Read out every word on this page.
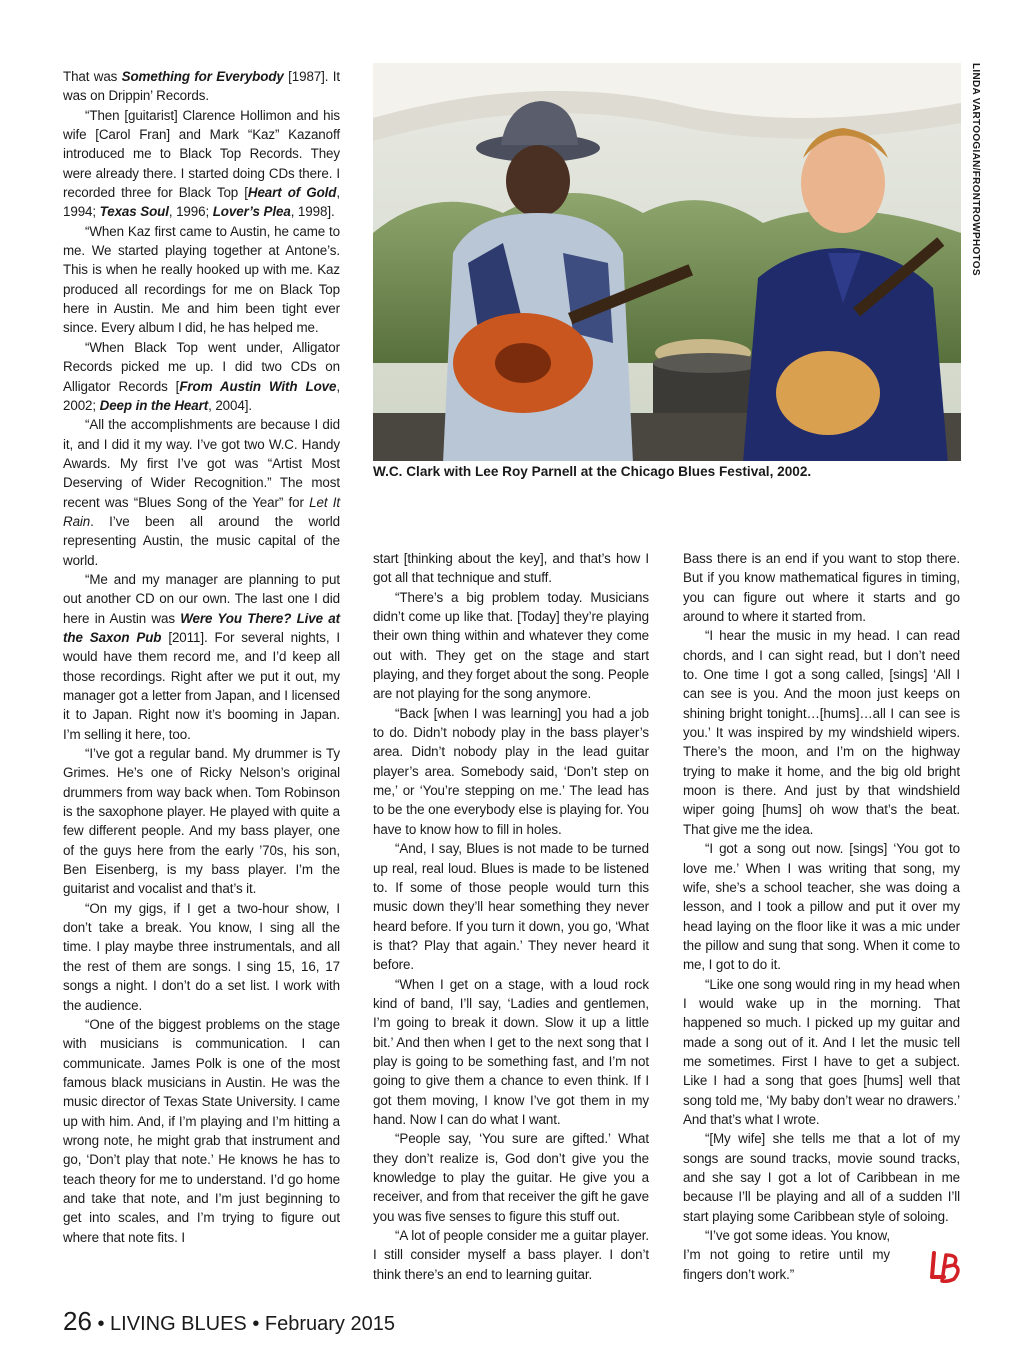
That was Something for Everybody [1987]. It was on Drippin’ Records.

“Then [guitarist] Clarence Hollimon and his wife [Carol Fran] and Mark “Kaz” Kazanoff introduced me to Black Top Records. They were already there. I started doing CDs there. I recorded three for Black Top [Heart of Gold, 1994; Texas Soul, 1996; Lover’s Plea, 1998].

“When Kaz first came to Austin, he came to me. We started playing together at Antone’s. This is when he really hooked up with me. Kaz produced all recordings for me on Black Top here in Austin. Me and him been tight ever since. Every album I did, he has helped me.

“When Black Top went under, Alligator Records picked me up. I did two CDs on Alligator Records [From Austin With Love, 2002; Deep in the Heart, 2004].

“All the accomplishments are because I did it, and I did it my way. I’ve got two W.C. Handy Awards. My first I’ve got was “Artist Most Deserving of Wider Recognition.” The most recent was “Blues Song of the Year” for Let It Rain. I’ve been all around the world representing Austin, the music capital of the world.

“Me and my manager are planning to put out another CD on our own. The last one I did here in Austin was Were You There? Live at the Saxon Pub [2011]. For several nights, I would have them record me, and I’d keep all those recordings. Right after we put it out, my manager got a letter from Japan, and I licensed it to Japan. Right now it’s booming in Japan. I’m selling it here, too.

“I’ve got a regular band. My drummer is Ty Grimes. He’s one of Ricky Nelson’s original drummers from way back when. Tom Robinson is the saxophone player. He played with quite a few different people. And my bass player, one of the guys here from the early ’70s, his son, Ben Eisenberg, is my bass player. I’m the guitarist and vocalist and that’s it.

“On my gigs, if I get a two-hour show, I don’t take a break. You know, I sing all the time. I play maybe three instrumentals, and all the rest of them are songs. I sing 15, 16, 17 songs a night. I don’t do a set list. I work with the audience.

“One of the biggest problems on the stage with musicians is communication. I can communicate. James Polk is one of the most famous black musicians in Austin. He was the music director of Texas State University. I came up with him. And, if I’m playing and I’m hitting a wrong note, he might grab that instrument and go, ‘Don’t play that note.’ He knows he has to teach theory for me to understand. I’d go home and take that note, and I’m just beginning to get into scales, and I’m trying to figure out where that note fits. I

W.C. Clark with Lee Roy Parnell at the Chicago Blues Festival, 2002.
LINDA VARTOOGIAN/FRONTROWPHOTOS

start [thinking about the key], and that’s how I got all that technique and stuff.

“There’s a big problem today. Musicians didn’t come up like that. [Today] they’re playing their own thing within and whatever they come out with. They get on the stage and start playing, and they forget about the song. People are not playing for the song anymore.

“Back [when I was learning] you had a job to do. Didn’t nobody play in the bass player’s area. Didn’t nobody play in the lead guitar player’s area. Somebody said, ‘Don’t step on me,’ or ‘You’re stepping on me.’ The lead has to be the one everybody else is playing for. You have to know how to fill in holes.

“And, I say, Blues is not made to be turned up real, real loud. Blues is made to be listened to. If some of those people would turn this music down they’ll hear something they never heard before. If you turn it down, you go, ‘What is that? Play that again.’ They never heard it before.

“When I get on a stage, with a loud rock kind of band, I’ll say, ‘Ladies and gentlemen, I’m going to break it down. Slow it up a little bit.’ And then when I get to the next song that I play is going to be something fast, and I’m not going to give them a chance to even think. If I got them moving, I know I’ve got them in my hand. Now I can do what I want.

“People say, ‘You sure are gifted.’ What they don’t realize is, God don’t give you the knowledge to play the guitar. He give you a receiver, and from that receiver the gift he gave you was five senses to figure this stuff out.

“A lot of people consider me a guitar player. I still consider myself a bass player. I don’t think there’s an end to learning guitar.

Bass there is an end if you want to stop there. But if you know mathematical figures in timing, you can figure out where it starts and go around to where it started from.

“I hear the music in my head. I can read chords, and I can sight read, but I don’t need to. One time I got a song called, [sings] ‘All I can see is you. And the moon just keeps on shining bright tonight…[hums]…all I can see is you.’ It was inspired by my windshield wipers. There’s the moon, and I’m on the highway trying to make it home, and the big old bright moon is there. And just by that windshield wiper going [hums] oh wow that’s the beat. That give me the idea.

“I got a song out now. [sings] ‘You got to love me.’ When I was writing that song, my wife, she’s a school teacher, she was doing a lesson, and I took a pillow and put it over my head laying on the floor like it was a mic under the pillow and sung that song. When it come to me, I got to do it.

“Like one song would ring in my head when I would wake up in the morning. That happened so much. I picked up my guitar and made a song out of it. And I let the music tell me sometimes. First I have to get a subject. Like I had a song that goes [hums] well that song told me, ‘My baby don’t wear no drawers.’ And that’s what I wrote.

“[My wife] she tells me that a lot of my songs are sound tracks, movie sound tracks, and she say I got a lot of Caribbean in me because I’ll be playing and all of a sudden I’ll start playing some Caribbean style of soloing.

“I’ve got some ideas. You know, I’m not going to retire until my fingers don’t work.”

26 • LIVING BLUES • February 2015
